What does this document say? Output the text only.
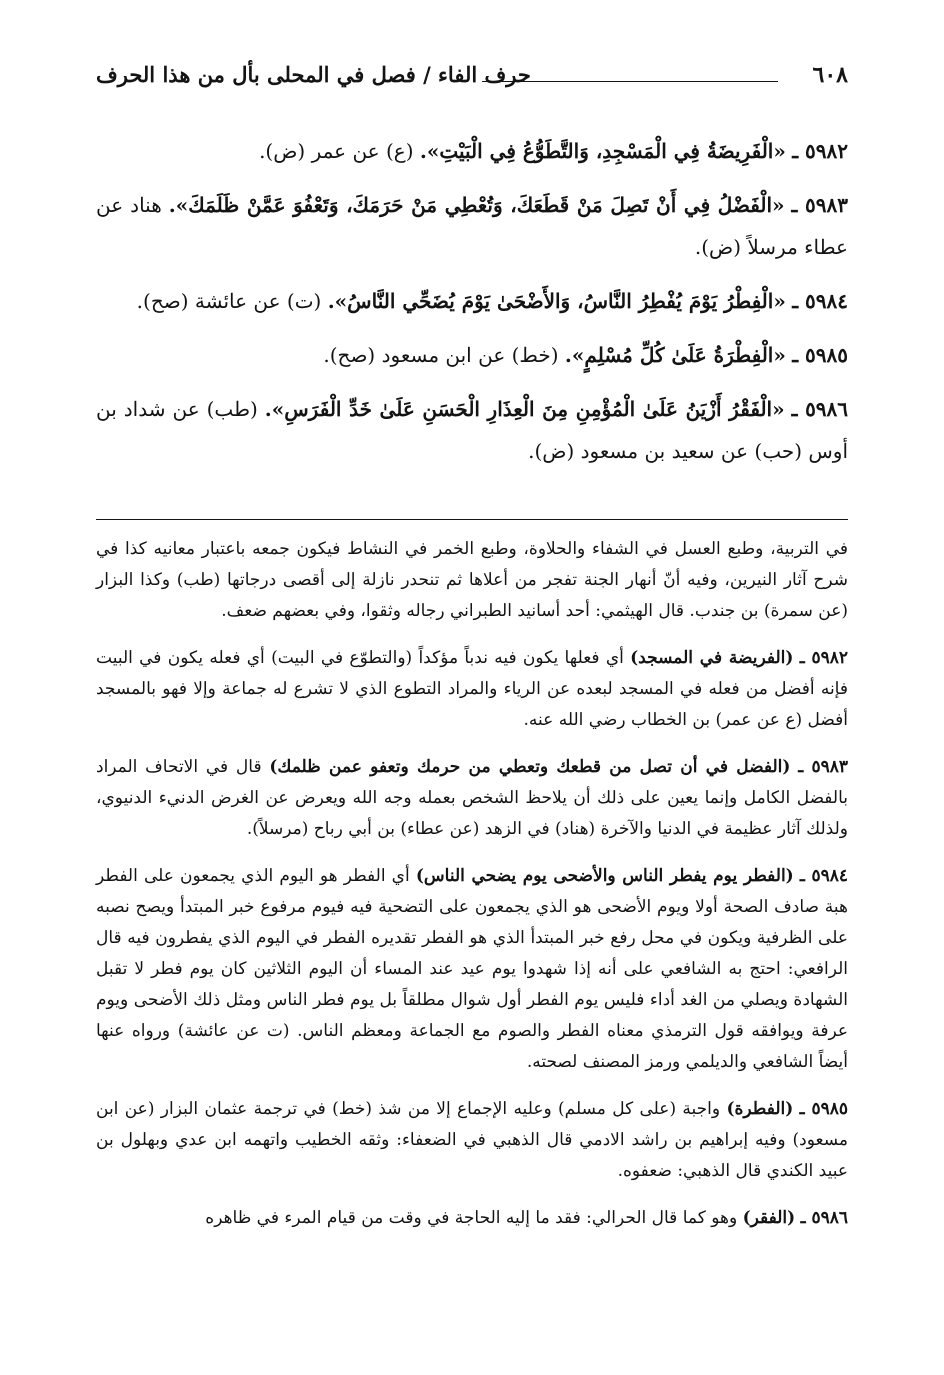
٦٠٨
حرف الفاء / فصل في المحلى بأل من هذا الحرف

٥٩٨٢ ـ «الْفَرِيضَةُ فِي الْمَسْجِدِ، وَالتَّطَوُّعُ فِي الْبَيْتِ». (ع) عن عمر (ض).

٥٩٨٣ ـ «الْفَضْلُ فِي أَنْ تَصِلَ مَنْ قَطَعَكَ، وَتُعْطِي مَنْ حَرَمَكَ، وَتَعْفُوَ عَمَّنْ ظَلَمَكَ». هناد عن عطاء مرسلاً (ض).

٥٩٨٤ ـ «الْفِطْرُ يَوْمَ يُفْطِرُ النَّاسُ، وَالأَضْحَىٰ يَوْمَ يُضَحِّي النَّاسُ». (ت) عن عائشة (صح).

٥٩٨٥ ـ «الْفِطْرَةُ عَلَىٰ كُلِّ مُسْلِمٍ». (خط) عن ابن مسعود (صح).

٥٩٨٦ ـ «الْفَقْرُ أَزْيَنُ عَلَىٰ الْمُؤْمِنِ مِنَ الْعِذَارِ الْحَسَنِ عَلَىٰ خَدِّ الْفَرَسِ». (طب) عن شداد بن أوس (حب) عن سعيد بن مسعود (ض).

في التربية، وطبع العسل في الشفاء والحلاوة، وطبع الخمر في النشاط فيكون جمعه باعتبار معانيه كذا في شرح آثار النيرين، وفيه أنّ أنهار الجنة تفجر من أعلاها ثم تنحدر نازلة إلى أقصى درجاتها (طب) وكذا البزار (عن سمرة) بن جندب. قال الهيثمي: أحد أسانيد الطبراني رجاله وثقوا، وفي بعضهم ضعف.

٥٩٨٢ ـ (الفريضة في المسجد) أي فعلها يكون فيه ندباً مؤكداً (والتطوّع في البيت) أي فعله يكون في البيت فإنه أفضل من فعله في المسجد لبعده عن الرياء والمراد التطوع الذي لا تشرع له جماعة وإلا فهو بالمسجد أفضل (ع عن عمر) بن الخطاب رضي الله عنه.

٥٩٨٣ ـ (الفضل في أن تصل من قطعك وتعطي من حرمك وتعفو عمن ظلمك) قال في الاتحاف المراد بالفضل الكامل وإنما يعين على ذلك أن يلاحظ الشخص بعمله وجه الله ويعرض عن الغرض الدنيء الدنيوي، ولذلك آثار عظيمة في الدنيا والآخرة (هناد) في الزهد (عن عطاء) بن أبي رباح (مرسلاً).

٥٩٨٤ ـ (الفطر يوم يفطر الناس والأضحى يوم يضحي الناس) أي الفطر هو اليوم الذي يجمعون على الفطر هبة صادف الصحة أولا ويوم الأضحى هو الذي يجمعون على التضحية فيه فيوم مرفوع خبر المبتدأ ويصح نصبه على الظرفية ويكون في محل رفع خبر المبتدأ الذي هو الفطر تقديره الفطر في اليوم الذي يفطرون فيه قال الرافعي: احتج به الشافعي على أنه إذا شهدوا يوم عيد عند المساء أن اليوم الثلاثين كان يوم فطر لا تقبل الشهادة ويصلي من الغد أداء فليس يوم الفطر أول شوال مطلقاً بل يوم فطر الناس ومثل ذلك الأضحى ويوم عرفة ويوافقه قول الترمذي معناه الفطر والصوم مع الجماعة ومعظم الناس. (ت عن عائشة) ورواه عنها أيضاً الشافعي والديلمي ورمز المصنف لصحته.

٥٩٨٥ ـ (الفطرة) واجبة (على كل مسلم) وعليه الإجماع إلا من شذ (خط) في ترجمة عثمان البزار (عن ابن مسعود) وفيه إبراهيم بن راشد الادمي قال الذهبي في الضعفاء: وثقه الخطيب واتهمه ابن عدي وبهلول بن عبيد الكندي قال الذهبي: ضعفوه.

٥٩٨٦ ـ (الفقر) وهو كما قال الحرالي: فقد ما إليه الحاجة في وقت من قيام المرء في ظاهره
